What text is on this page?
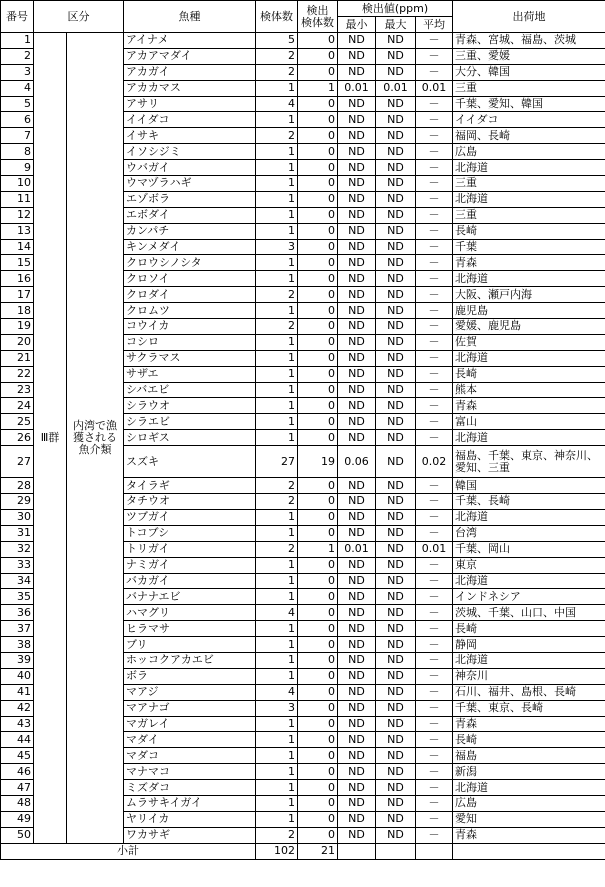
番号	区分		魚種	検体数	検出 検体数	検出値(ppm)			出荷地
						最小	最大	平均	
1	Ⅲ群	内湾で漁獲される魚介類	アイナメ	5	0	ND	ND	－	青森、宮城、福島、茨城
2			アカアマダイ	2	0	ND	ND	－	三重、愛媛
3			アカガイ	2	0	ND	ND	－	大分、韓国
4			アカカマス	1	1	0.01	0.01	0.01	三重
5			アサリ	4	0	ND	ND	－	千葉、愛知、韓国
6			イイダコ	1	0	ND	ND	－	イイダコ
7			イサキ	2	0	ND	ND	－	福岡、長崎
8			イソシジミ	1	0	ND	ND	－	広島
9			ウバガイ	1	0	ND	ND	－	北海道
10			ウマヅラハギ	1	0	ND	ND	－	三重
11			エゾボラ	1	0	ND	ND	－	北海道
12			エボダイ	1	0	ND	ND	－	三重
13			カンパチ	1	0	ND	ND	－	長崎
14			キンメダイ	3	0	ND	ND	－	千葉
15			クロウシノシタ	1	0	ND	ND	－	青森
16			クロソイ	1	0	ND	ND	－	北海道
17			クロダイ	2	0	ND	ND	－	大阪、瀬戸内海
18			クロムツ	1	0	ND	ND	－	鹿児島
19			コウイカ	2	0	ND	ND	－	愛媛、鹿児島
20			コシロ	1	0	ND	ND	－	佐賀
21			サクラマス	1	0	ND	ND	－	北海道
22			サザエ	1	0	ND	ND	－	長崎
23			シバエビ	1	0	ND	ND	－	熊本
24			シラウオ	1	0	ND	ND	－	青森
25			シラエビ	1	0	ND	ND	－	富山
26			シロギス	1	0	ND	ND	－	北海道
27			スズキ	27	19	0.06	ND	0.02	福島、千葉、東京、神奈川、愛知、三重
28			タイラギ	2	0	ND	ND	－	韓国
29			タチウオ	2	0	ND	ND	－	千葉、長崎
30			ツブガイ	1	0	ND	ND	－	北海道
31			トコブシ	1	0	ND	ND	－	台湾
32			トリガイ	2	1	0.01	ND	0.01	千葉、岡山
33			ナミガイ	1	0	ND	ND	－	東京
34			バカガイ	1	0	ND	ND	－	北海道
35			バナナエビ	1	0	ND	ND	－	インドネシア
36			ハマグリ	4	0	ND	ND	－	茨城、千葉、山口、中国
37			ヒラマサ	1	0	ND	ND	－	長崎
38			ブリ	1	0	ND	ND	－	静岡
39			ホッコクアカエビ	1	0	ND	ND	－	北海道
40			ボラ	1	0	ND	ND	－	神奈川
41			マアジ	4	0	ND	ND	－	石川、福井、島根、長崎
42			マアナゴ	3	0	ND	ND	－	千葉、東京、長崎
43			マガレイ	1	0	ND	ND	－	青森
44			マダイ	1	0	ND	ND	－	長崎
45			マダコ	1	0	ND	ND	－	福島
46			マナマコ	1	0	ND	ND	－	新潟
47			ミズダコ	1	0	ND	ND	－	北海道
48			ムラサキイガイ	1	0	ND	ND	－	広島
49			ヤリイカ	1	0	ND	ND	－	愛知
50			ワカサギ	2	0	ND	ND	－	青森
小計				102	21				
